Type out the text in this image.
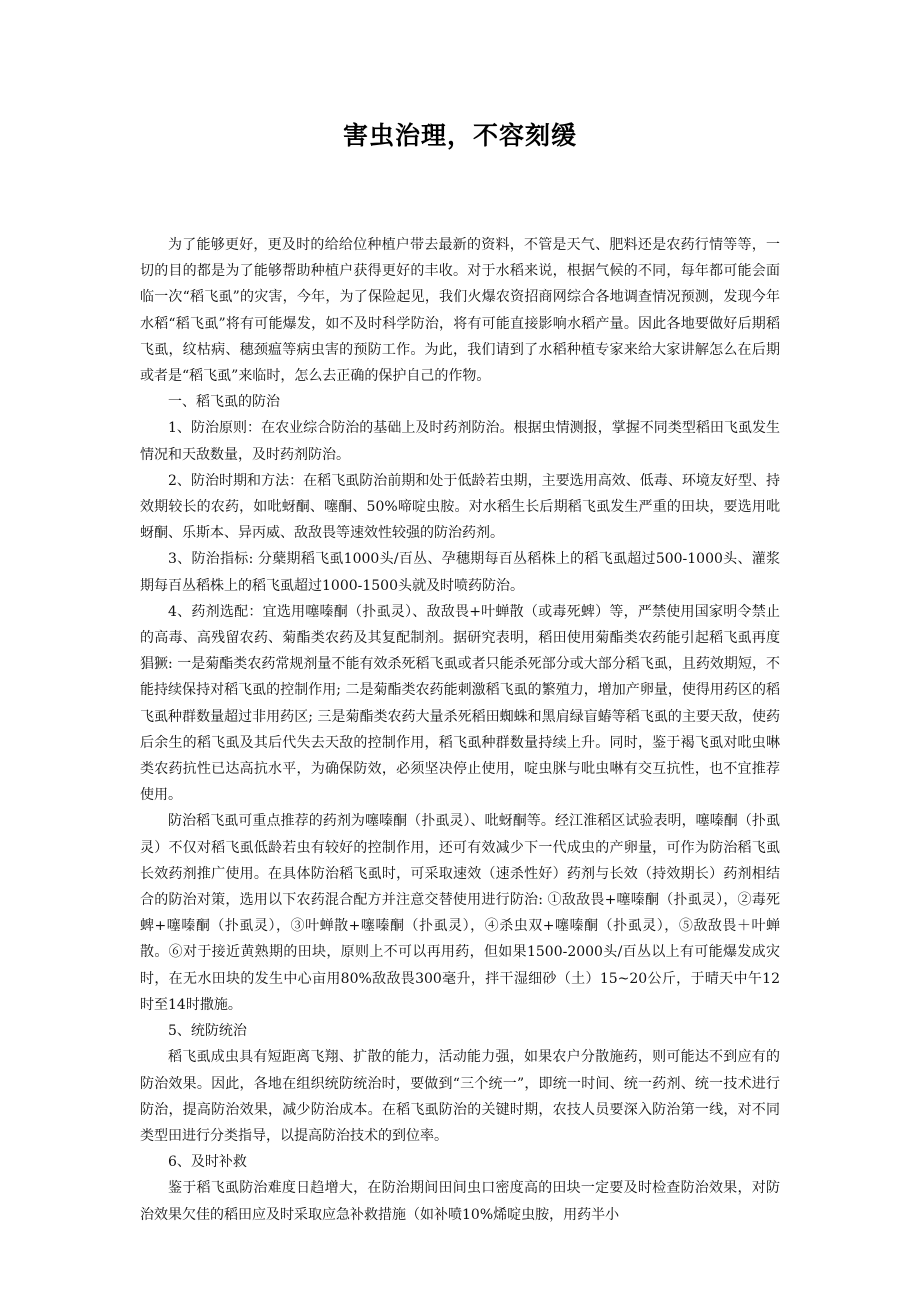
害虫治理，不容刻缓

为了能够更好，更及时的给给位种植户带去最新的资料，不管是天气、肥料还是农药行情等等，一切的目的都是为了能够帮助种植户获得更好的丰收。对于水稻来说，根据气候的不同，每年都可能会面临一次“稻飞虱”的灾害，今年，为了保险起见，我们火爆农资招商网综合各地调查情况预测，发现今年水稻“稻飞虱”将有可能爆发，如不及时科学防治，将有可能直接影响水稻产量。因此各地要做好后期稻飞虱，纹枯病、穗颈瘟等病虫害的预防工作。为此，我们请到了水稻种植专家来给大家讲解怎么在后期或者是“稻飞虱”来临时，怎么去正确的保护自己的作物。

一、稻飞虱的防治

1、防治原则：在农业综合防治的基础上及时药剂防治。根据虫情测报，掌握不同类型稻田飞虱发生情况和天敌数量，及时药剂防治。

2、防治时期和方法：在稻飞虱防治前期和处于低龄若虫期，主要选用高效、低毒、环境友好型、持效期较长的农药，如吡蚜酮、噻酮、50%啼啶虫胺。对水稻生长后期稻飞虱发生严重的田块，要选用吡蚜酮、乐斯本、异丙威、敌敌畏等速效性较强的防治药剂。

3、防治指标: 分蘖期稻飞虱1000头/百丛、孕穗期每百丛稻株上的稻飞虱超过500-1000头、灌浆期每百丛稻株上的稻飞虱超过1000-1500头就及时喷药防治。

4、药剂选配：宜选用噻嗪酮（扑虱灵）、敌敌畏+叶蝉散（或毒死蜱）等，严禁使用国家明令禁止的高毒、高残留农药、菊酯类农药及其复配制剂。据研究表明，稻田使用菊酯类农药能引起稻飞虱再度猖獗: 一是菊酯类农药常规剂量不能有效杀死稻飞虱或者只能杀死部分或大部分稻飞虱，且药效期短，不能持续保持对稻飞虱的控制作用; 二是菊酯类农药能刺激稻飞虱的繁殖力，增加产卵量，使得用药区的稻飞虱种群数量超过非用药区; 三是菊酯类农药大量杀死稻田蜘蛛和黑肩绿盲蝽等稻飞虱的主要天敌，使药后余生的稻飞虱及其后代失去天敌的控制作用，稻飞虱种群数量持续上升。同时，鉴于褐飞虱对吡虫啉类农药抗性已达高抗水平，为确保防效，必须坚决停止使用，啶虫脒与吡虫啉有交互抗性，也不宜推荐使用。

防治稻飞虱可重点推荐的药剂为噻嗪酮（扑虱灵）、吡蚜酮等。经江淮稻区试验表明，噻嗪酮（扑虱灵）不仅对稻飞虱低龄若虫有较好的控制作用，还可有效减少下一代成虫的产卵量，可作为防治稻飞虱长效药剂推广使用。在具体防治稻飞虱时，可采取速效（速杀性好）药剂与长效（持效期长）药剂相结合的防治对策，选用以下农药混合配方并注意交替使用进行防治: ①敌敌畏+噻嗪酮（扑虱灵），②毒死蜱+噻嗪酮（扑虱灵），③叶蝉散+噻嗪酮（扑虱灵），④杀虫双+噻嗪酮（扑虱灵），⑤敌敌畏＋叶蝉散。⑥对于接近黄熟期的田块，原则上不可以再用药，但如果1500-2000头/百丛以上有可能爆发成灾时，在无水田块的发生中心亩用80%敌敌畏300毫升，拌干湿细砂（土）15~20公斤，于晴天中午12时至14时撒施。

5、统防统治

稻飞虱成虫具有短距离飞翔、扩散的能力，活动能力强，如果农户分散施药，则可能达不到应有的防治效果。因此，各地在组织统防统治时，要做到“三个统一”，即统一时间、统一药剂、统一技术进行防治，提高防治效果，减少防治成本。在稻飞虱防治的关键时期，农技人员要深入防治第一线，对不同类型田进行分类指导，以提高防治技术的到位率。

6、及时补救

鉴于稻飞虱防治难度日趋增大，在防治期间田间虫口密度高的田块一定要及时检查防治效果，对防治效果欠佳的稻田应及时采取应急补救措施（如补喷10%烯啶虫胺，用药半小
